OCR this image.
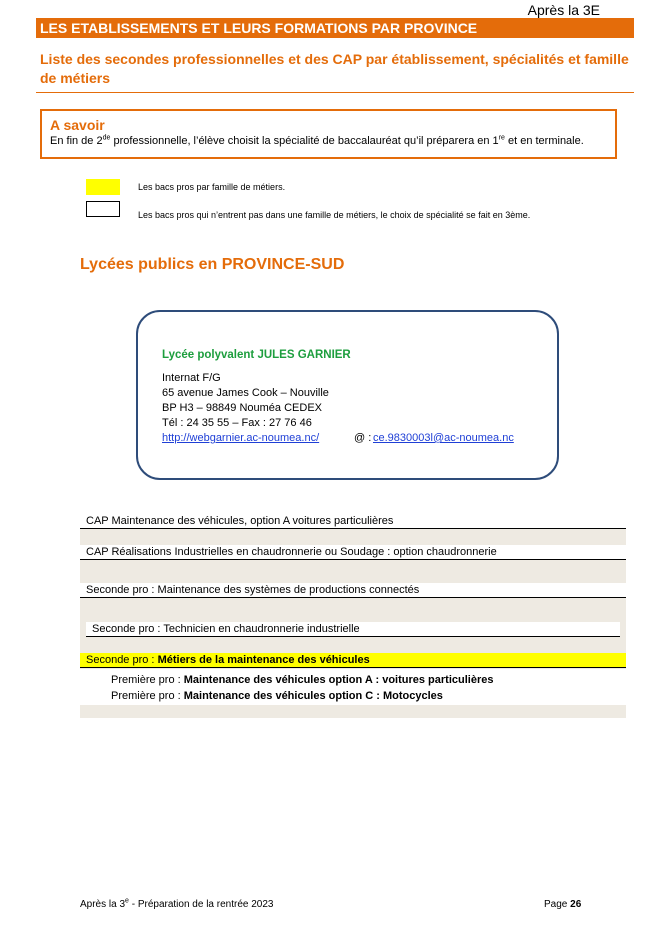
Après la 3E
LES ETABLISSEMENTS ET LEURS FORMATIONS PAR PROVINCE
Liste des secondes professionnelles et des CAP par établissement, spécialités et famille de métiers
A savoir
En fin de 2de professionnelle, l’élève choisit la spécialité de baccalauréat qu’il préparera en 1re et en terminale.
Les bacs pros par famille de métiers.
Les bacs pros qui n’entrent pas dans une famille de métiers, le choix de spécialité se fait en 3ème.
Lycées publics en PROVINCE-SUD
Lycée polyvalent JULES GARNIER
Internat F/G
65 avenue James Cook – Nouville
BP H3 – 98849 Nouméa CEDEX
Tél : 24 35 55 – Fax : 27 76 46
http://webgarnier.ac-noumea.nc/	@ : ce.9830003l@ac-noumea.nc
CAP Maintenance des véhicules, option A voitures particulières
CAP Réalisations Industrielles en chaudronnerie ou Soudage : option chaudronnerie
Seconde pro : Maintenance des systèmes de productions connectés
Seconde pro : Technicien en chaudronnerie industrielle
Seconde pro : Métiers de la maintenance des véhicules
Première pro : Maintenance des véhicules option A : voitures particulières
Première pro : Maintenance des véhicules option C : Motocycles
Après la 3e - Préparation de la rentrée 2023	Page 26
